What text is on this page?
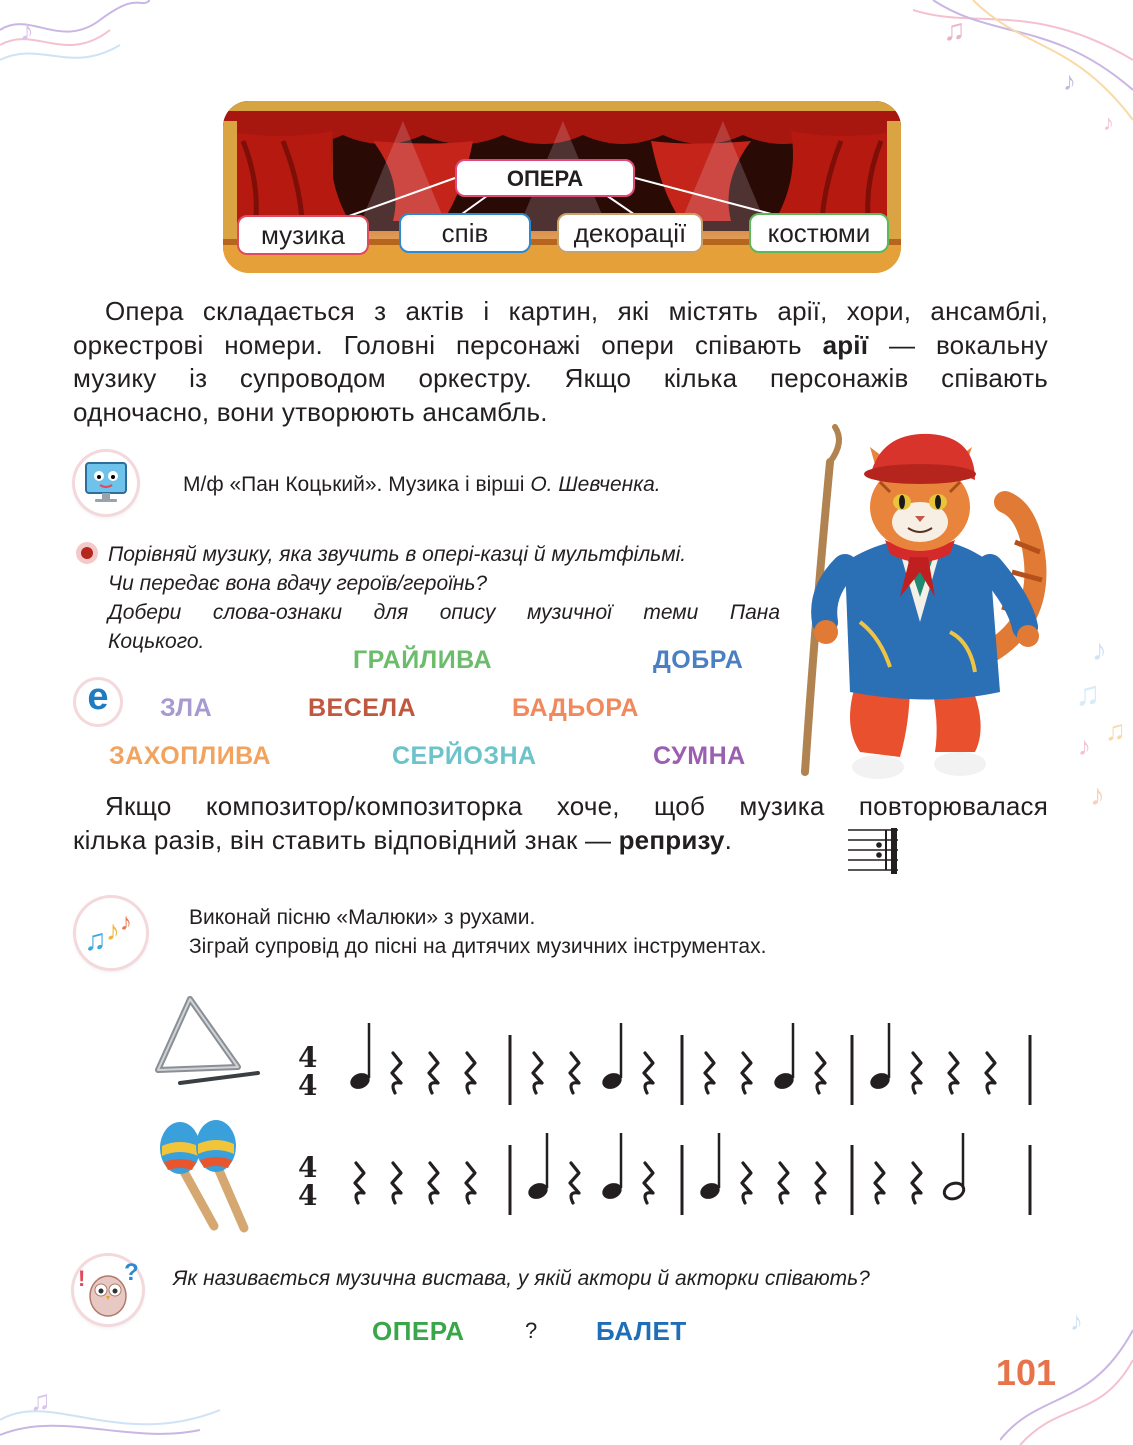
♪	♫
♪
♪
♪
♫
♫
♪
♪
♫
♪
ОПЕРА
музика	спів	декорації	костюми
Опера складається з актів і картин, які містять арії, хори, ансамблі,
оркестрові номери. Головні персонажі опери співають арії — вокальну
музику із супроводом оркестру. Якщо кілька персонажів співають
одночасно, вони утворюють ансамбль.
М/ф «Пан Коцький». Музика і вірші О. Шевченка.
Порівняй музику, яка звучить в опері-казці й мультфільмі.
Чи передає вона вдачу героїв/героїнь?
Добери слова-ознаки для опису музичної теми Пана
Коцького.
е
ГРАЙЛИВА	ДОБРА
ЗЛА	ВЕСЕЛА	БАДЬОРА
ЗАХОПЛИВА	СЕРЙОЗНА	СУМНА
Якщо композитор/композиторка хоче, щоб музика повторювалася
кілька разів, він ставить відповідний знак — репризу.
♫ ♪ ♪	Виконай пісню «Малюки» з рухами.
Зіграй супровід до пісні на дитячих музичних інструментах.
4
4
4
4
! ? Як називається музична вистава, у якій актори й акторки співають?
ОПЕРА	? БАЛЕТ
101
